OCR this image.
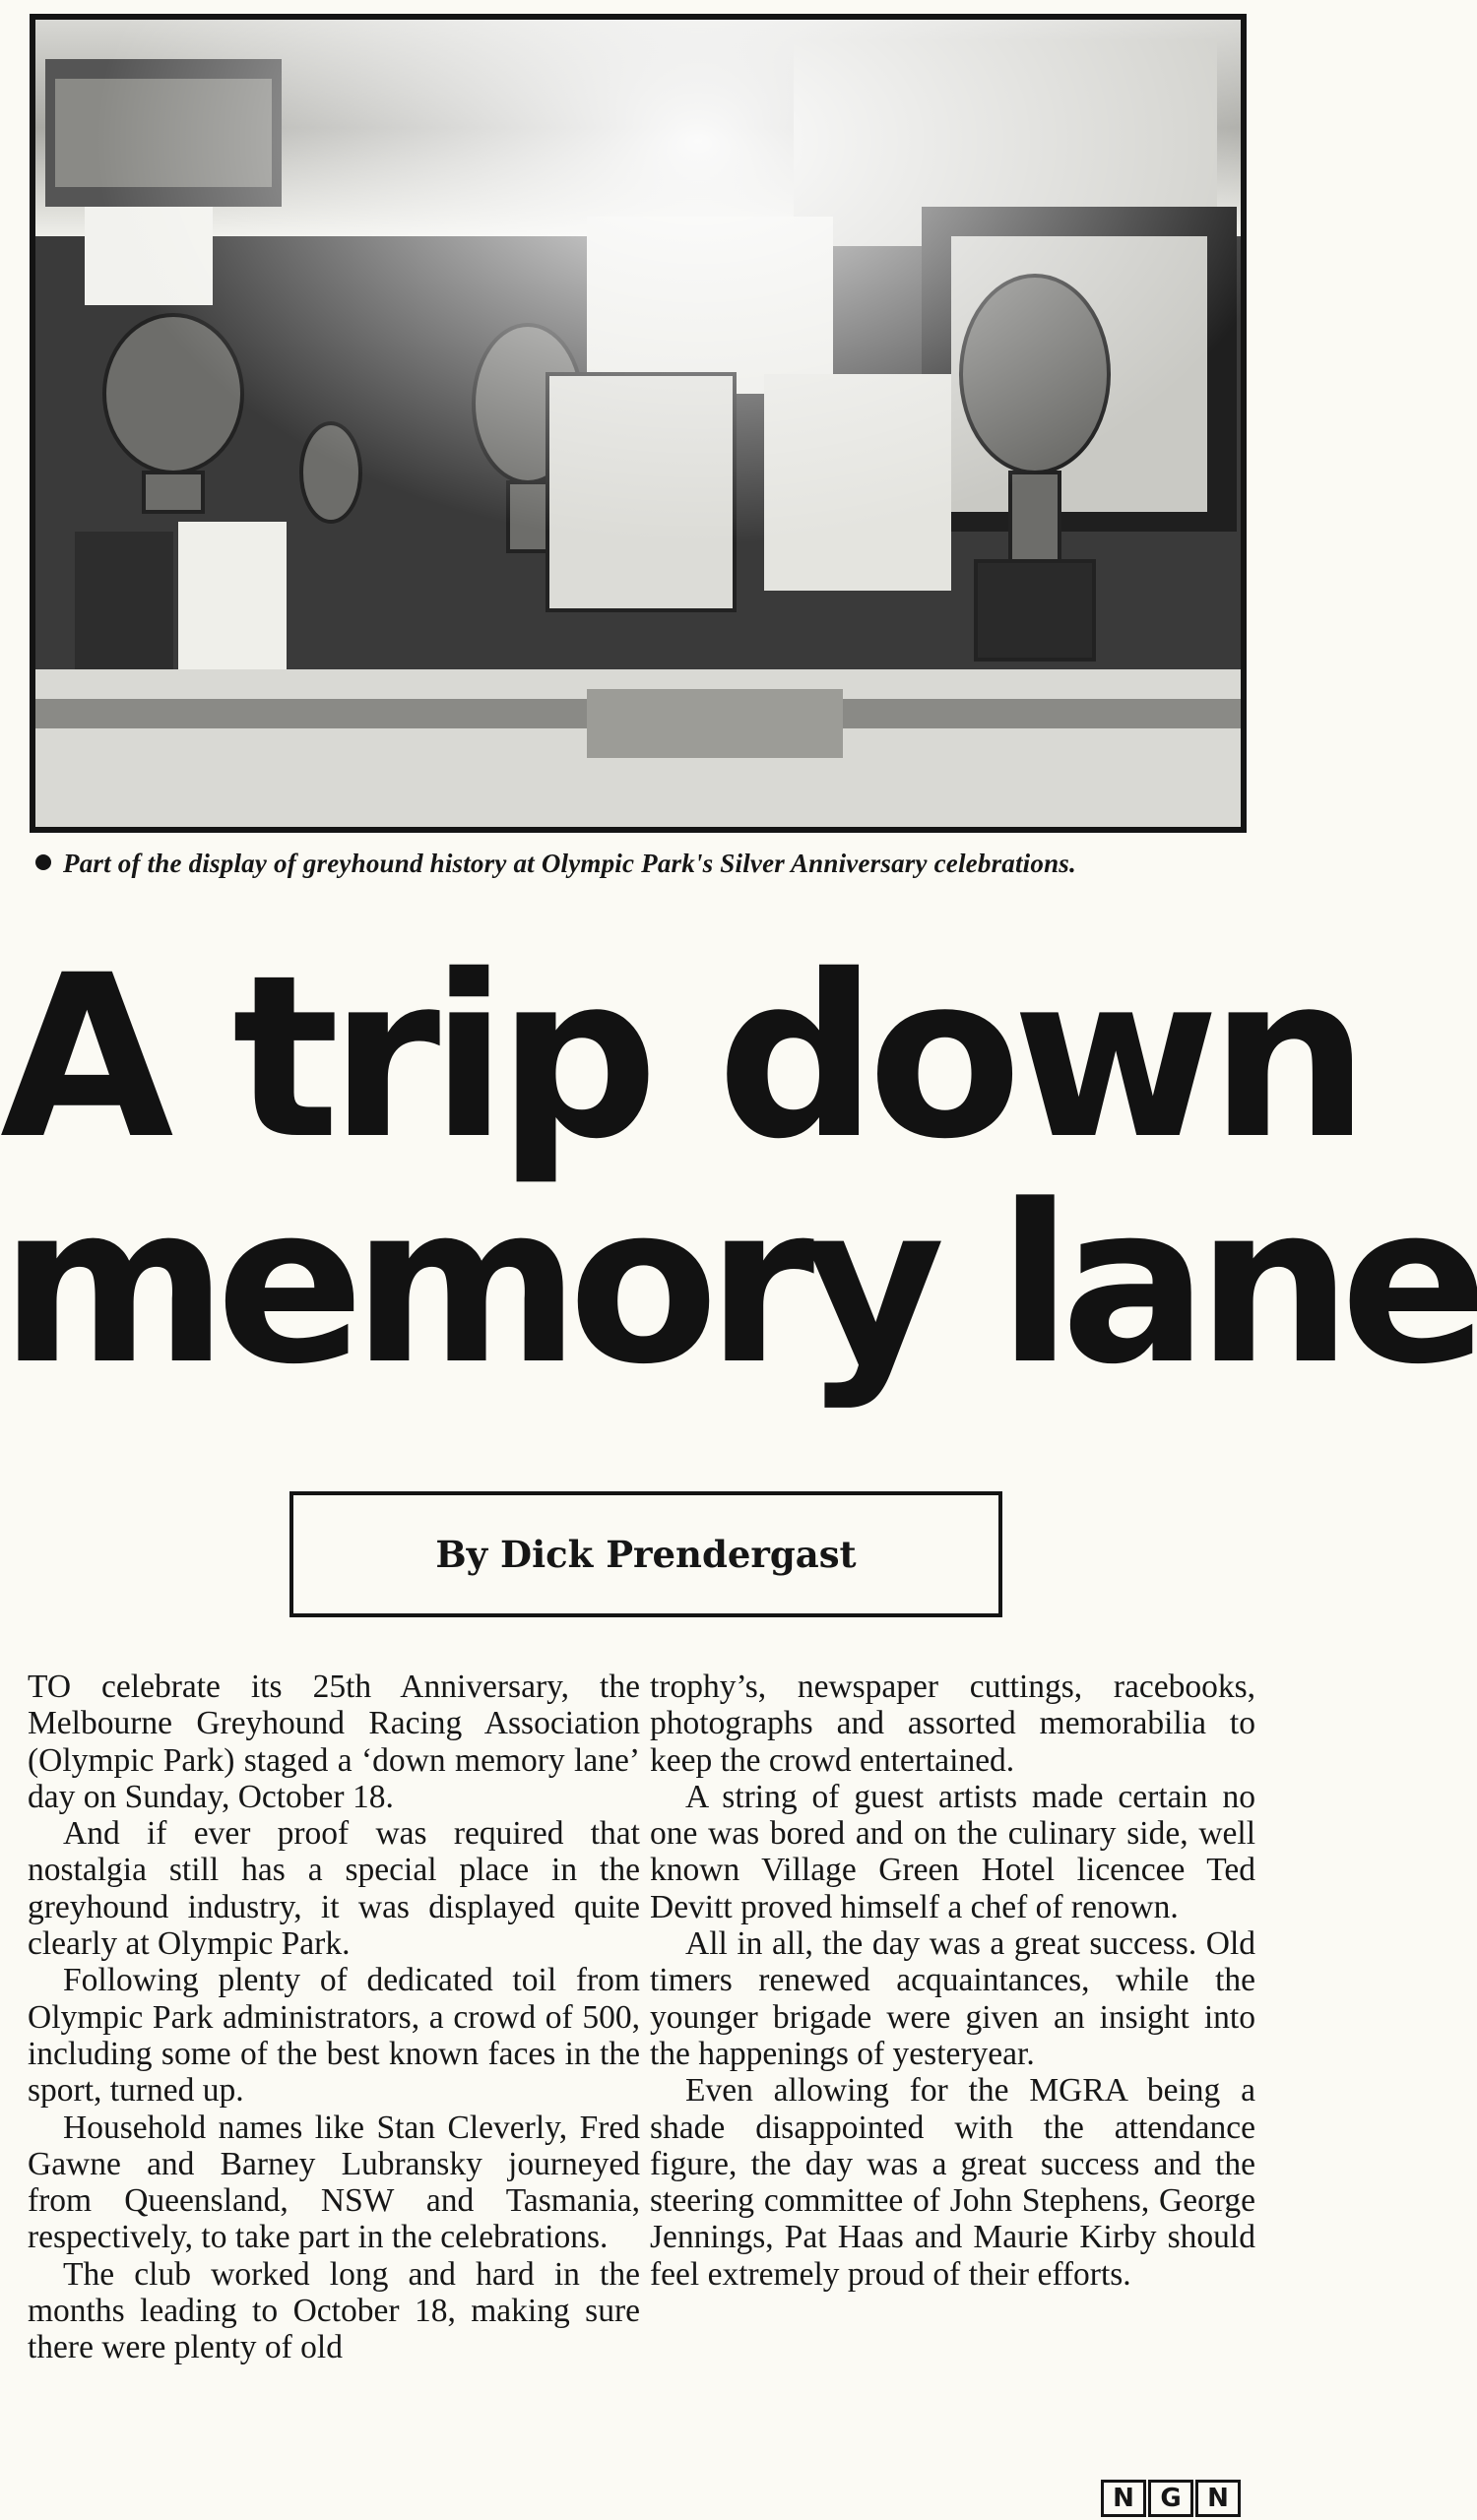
Part of the display of greyhound history at Olympic Park's Silver Anniversary celebrations.
A trip down
memory lane
By Dick Prendergast

TO celebrate its 25th Anniversary, the Melbourne Greyhound Racing Association (Olympic Park) staged a ‘down memory lane’ day on Sunday, October 18.

And if ever proof was required that nostalgia still has a special place in the greyhound industry, it was displayed quite clearly at Olympic Park.

Following plenty of dedicated toil from Olympic Park administrators, a crowd of 500, including some of the best known faces in the sport, turned up.

Household names like Stan Cleverly, Fred Gawne and Barney Lubransky journeyed from Queensland, NSW and Tasmania, respectively, to take part in the celebrations.

The club worked long and hard in the months leading to October 18, making sure there were plenty of old

trophy’s, newspaper cuttings, racebooks, photographs and assorted memorabilia to keep the crowd entertained.

A string of guest artists made certain no one was bored and on the culinary side, well known Village Green Hotel licencee Ted Devitt proved himself a chef of renown.

All in all, the day was a great success. Old timers renewed acquaintances, while the younger brigade were given an insight into the happenings of yesteryear.

Even allowing for the MGRA being a shade disappointed with the attendance figure, the day was a great success and the steering committee of John Stephens, George Jennings, Pat Haas and Maurie Kirby should feel extremely proud of their efforts.

N	G	N
